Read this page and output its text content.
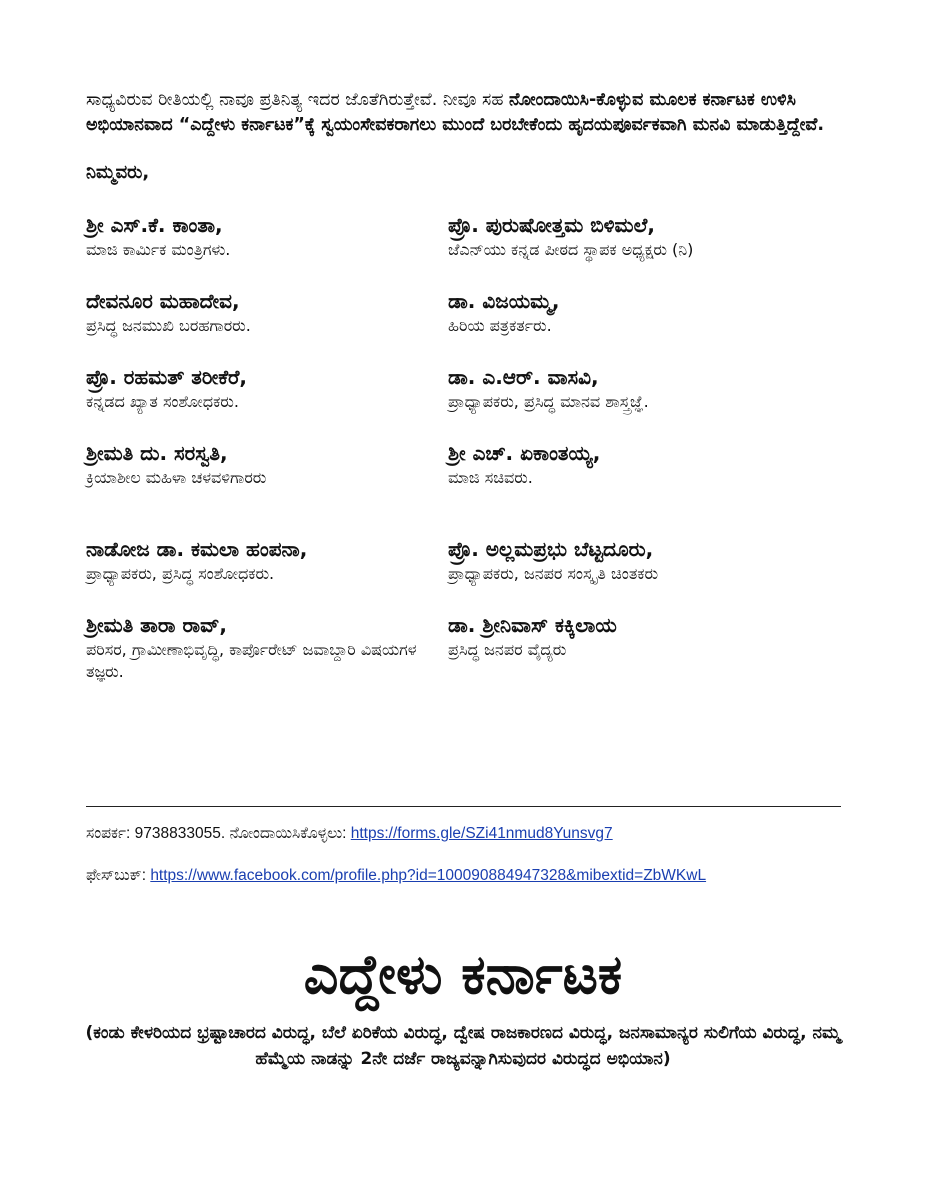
ಸಾಧ್ಯವಿರುವ ರೀತಿಯಲ್ಲಿ ನಾವೂ ಪ್ರತಿನಿತ್ಯ ಇದರ ಜೊತೆಗಿರುತ್ತೇವೆ. ನೀವೂ ಸಹ ನೋಂದಾಯಿಸಿ-ಕೊಳ್ಳುವ ಮೂಲಕ ಕರ್ನಾಟಕ ಉಳಿಸಿ ಅಭಿಯಾನವಾದ “ಎದ್ದೇಳು ಕರ್ನಾಟಕ”ಕ್ಕೆ ಸ್ವಯಂಸೇವಕರಾಗಲು ಮುಂದೆ ಬರಬೇಕೆಂದು ಹೃದಯಪೂರ್ವಕವಾಗಿ ಮನವಿ ಮಾಡುತ್ತಿದ್ದೇವೆ.

ನಿಮ್ಮವರು,
ಶ್ರೀ ಎಸ್.ಕೆ. ಕಾಂತಾ,
ಮಾಜಿ ಕಾರ್ಮಿಕ ಮಂತ್ರಿಗಳು.
ಪ್ರೊ. ಪುರುಷೋತ್ತಮ ಬಿಳಿಮಲೆ,
ಜೆಎನ್‌ಯು ಕನ್ನಡ ಪೀಠದ ಸ್ಥಾಪಕ ಅಧ್ಯಕ್ಷರು (ನಿ)
ದೇವನೂರ ಮಹಾದೇವ,
ಪ್ರಸಿದ್ಧ ಜನಮುಖಿ ಬರಹಗಾರರು.
ಡಾ. ವಿಜಯಮ್ಮ,
ಹಿರಿಯ ಪತ್ರಕರ್ತರು.
ಪ್ರೊ. ರಹಮತ್ ತರೀಕೆರೆ,
ಕನ್ನಡದ ಖ್ಯಾತ ಸಂಶೋಧಕರು.
ಡಾ. ಎ.ಆರ್. ವಾಸವಿ,
ಪ್ರಾಧ್ಯಾಪಕರು, ಪ್ರಸಿದ್ಧ ಮಾನವ ಶಾಸ್ತ್ರಜ್ಞೆ.
ಶ್ರೀಮತಿ ದು. ಸರಸ್ವತಿ,
ಕ್ರಿಯಾಶೀಲ ಮಹಿಳಾ ಚಳವಳಿಗಾರರು
ಶ್ರೀ ಎಚ್. ಏಕಾಂತಯ್ಯ,
ಮಾಜಿ ಸಚಿವರು.
ನಾಡೋಜ ಡಾ. ಕಮಲಾ ಹಂಪನಾ,
ಪ್ರಾಧ್ಯಾಪಕರು, ಪ್ರಸಿದ್ಧ ಸಂಶೋಧಕರು.
ಪ್ರೊ. ಅಲ್ಲಮಪ್ರಭು ಬೆಟ್ಟದೂರು,
ಪ್ರಾಧ್ಯಾಪಕರು, ಜನಪರ ಸಂಸ್ಕೃತಿ ಚಿಂತಕರು
ಶ್ರೀಮತಿ ತಾರಾ ರಾವ್,
ಪರಿಸರ, ಗ್ರಾಮೀಣಾಭಿವೃದ್ಧಿ, ಕಾರ್ಪೊರೇಟ್ ಜವಾಬ್ದಾರಿ ವಿಷಯಗಳ ತಜ್ಞರು.
ಡಾ. ಶ್ರೀನಿವಾಸ್ ಕಕ್ಕಿಲಾಯ
ಪ್ರಸಿದ್ಧ ಜನಪರ ವೈದ್ಯರು
ಸಂಪರ್ಕ: 9738833055. ನೋಂದಾಯಿಸಿಕೊಳ್ಳಲು: https://forms.gle/SZi41nmud8Yunsvg7
ಫೇಸ್‌ಬುಕ್: https://www.facebook.com/profile.php?id=100090884947328&mibextid=ZbWKwL
ಎದ್ದೇಳು ಕರ್ನಾಟಕ
(ಕಂಡು ಕೇಳರಿಯದ ಭ್ರಷ್ಟಾಚಾರದ ವಿರುದ್ಧ, ಬೆಲೆ ಏರಿಕೆಯ ವಿರುದ್ಧ, ದ್ವೇಷ ರಾಜಕಾರಣದ ವಿರುದ್ಧ, ಜನಸಾಮಾನ್ಯರ ಸುಲಿಗೆಯ ವಿರುದ್ಧ, ನಮ್ಮ ಹೆಮ್ಮೆಯ ನಾಡನ್ನು 2ನೇ ದರ್ಜೆ ರಾಜ್ಯವನ್ನಾಗಿಸುವುದರ ವಿರುದ್ಧದ ಅಭಿಯಾನ)
